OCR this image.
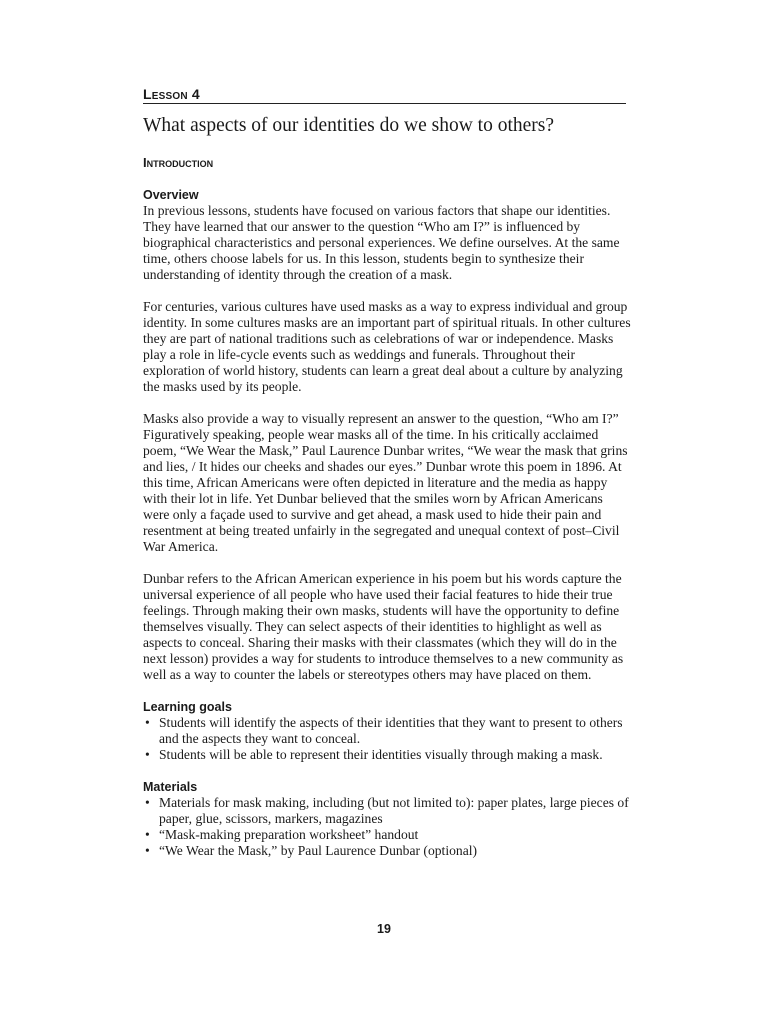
Lesson 4
What aspects of our identities do we show to others?
Introduction
Overview

In previous lessons, students have focused on various factors that shape our identities. They have learned that our answer to the question “Who am I?” is influenced by biographical characteristics and personal experiences. We define ourselves. At the same time, others choose labels for us. In this lesson, students begin to synthesize their understanding of identity through the creation of a mask.

For centuries, various cultures have used masks as a way to express individual and group identity. In some cultures masks are an important part of spiritual rituals. In other cultures they are part of national traditions such as celebrations of war or independence. Masks play a role in life-cycle events such as weddings and funerals. Throughout their exploration of world history, students can learn a great deal about a culture by analyzing the masks used by its people.

Masks also provide a way to visually represent an answer to the question, “Who am I?” Figuratively speaking, people wear masks all of the time. In his critically acclaimed poem, “We Wear the Mask,” Paul Laurence Dunbar writes, “We wear the mask that grins and lies, / It hides our cheeks and shades our eyes.” Dunbar wrote this poem in 1896. At this time, African Americans were often depicted in literature and the media as happy with their lot in life. Yet Dunbar believed that the smiles worn by African Americans were only a façade used to survive and get ahead, a mask used to hide their pain and resentment at being treated unfairly in the segregated and unequal context of post–Civil War America.

Dunbar refers to the African American experience in his poem but his words capture the universal experience of all people who have used their facial features to hide their true feelings. Through making their own masks, students will have the opportunity to define themselves visually. They can select aspects of their identities to highlight as well as aspects to conceal. Sharing their masks with their classmates (which they will do in the next lesson) provides a way for students to introduce themselves to a new community as well as a way to counter the labels or stereotypes others may have placed on them.

Learning goals
• Students will identify the aspects of their identities that they want to present to others and the aspects they want to conceal.
• Students will be able to represent their identities visually through making a mask.
Materials
• Materials for mask making, including (but not limited to): paper plates, large pieces of paper, glue, scissors, markers, magazines
• “Mask-making preparation worksheet” handout
• “We Wear the Mask,” by Paul Laurence Dunbar (optional)
19
